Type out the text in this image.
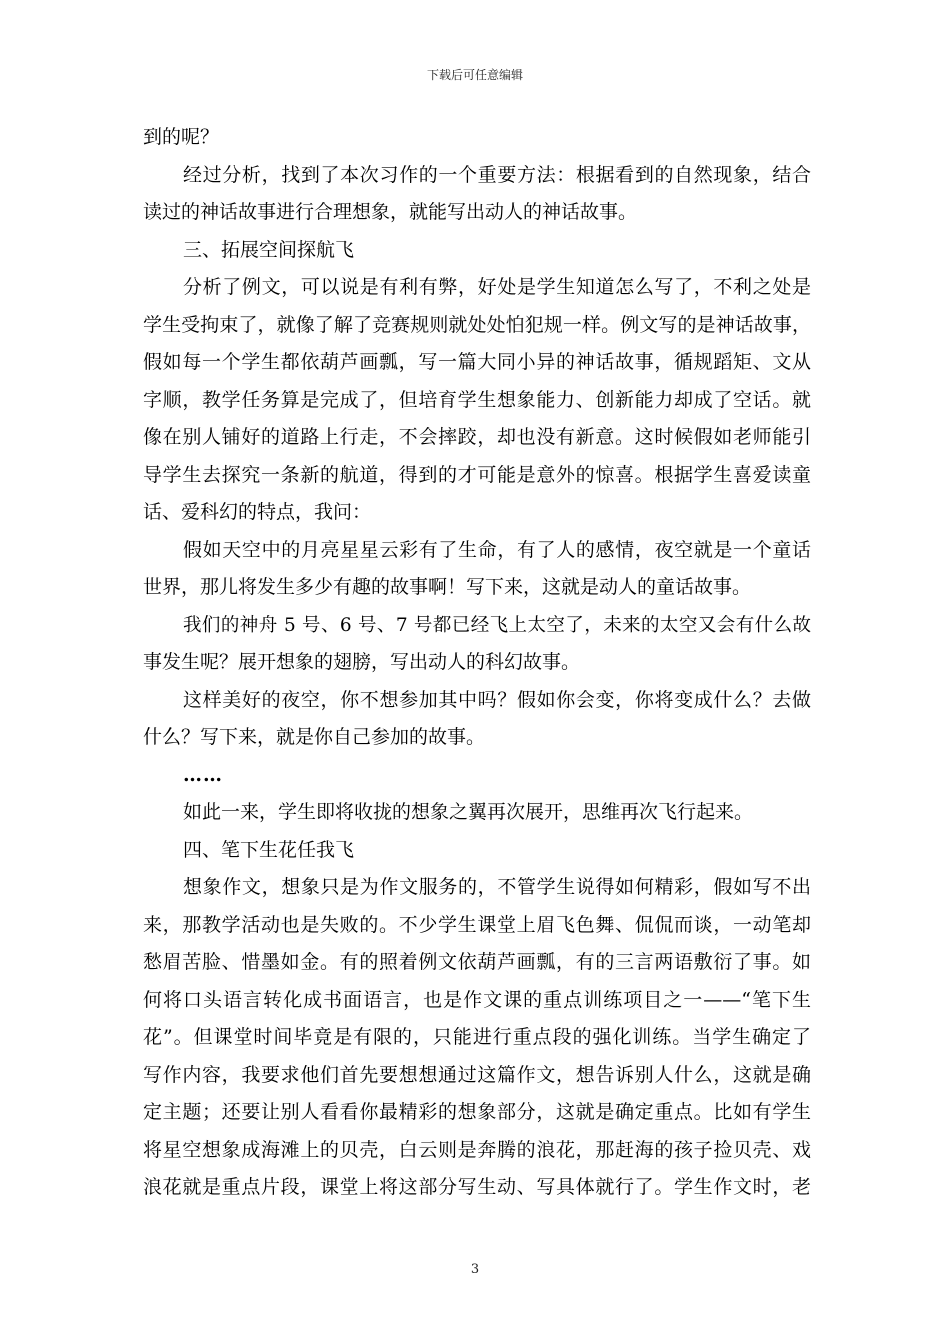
下载后可任意编辑
到的呢？
经过分析，找到了本次习作的一个重要方法：根据看到的自然现象，结合
读过的神话故事进行合理想象，就能写出动人的神话故事。
三、拓展空间探航飞
分析了例文，可以说是有利有弊，好处是学生知道怎么写了，不利之处是
学生受拘束了，就像了解了竞赛规则就处处怕犯规一样。例文写的是神话故事，
假如每一个学生都依葫芦画瓢，写一篇大同小异的神话故事，循规蹈矩、文从
字顺，教学任务算是完成了，但培育学生想象能力、创新能力却成了空话。就
像在别人铺好的道路上行走，不会摔跤，却也没有新意。这时候假如老师能引
导学生去探究一条新的航道，得到的才可能是意外的惊喜。根据学生喜爱读童
话、爱科幻的特点，我问：
假如天空中的月亮星星云彩有了生命，有了人的感情，夜空就是一个童话
世界，那儿将发生多少有趣的故事啊！写下来，这就是动人的童话故事。
我们的神舟 5 号、6 号、7 号都已经飞上太空了，未来的太空又会有什么故
事发生呢？展开想象的翅膀，写出动人的科幻故事。
这样美好的夜空，你不想参加其中吗？假如你会变，你将变成什么？去做
什么？写下来，就是你自己参加的故事。
……
如此一来，学生即将收拢的想象之翼再次展开，思维再次飞行起来。
四、笔下生花任我飞
想象作文，想象只是为作文服务的，不管学生说得如何精彩，假如写不出
来，那教学活动也是失败的。不少学生课堂上眉飞色舞、侃侃而谈，一动笔却
愁眉苦脸、惜墨如金。有的照着例文依葫芦画瓢，有的三言两语敷衍了事。如
何将口头语言转化成书面语言，也是作文课的重点训练项目之一——“笔下生
花”。但课堂时间毕竟是有限的，只能进行重点段的强化训练。当学生确定了
写作内容，我要求他们首先要想想通过这篇作文，想告诉别人什么，这就是确
定主题；还要让别人看看你最精彩的想象部分，这就是确定重点。比如有学生
将星空想象成海滩上的贝壳，白云则是奔腾的浪花，那赶海的孩子捡贝壳、戏
浪花就是重点片段，课堂上将这部分写生动、写具体就行了。学生作文时，老
3
